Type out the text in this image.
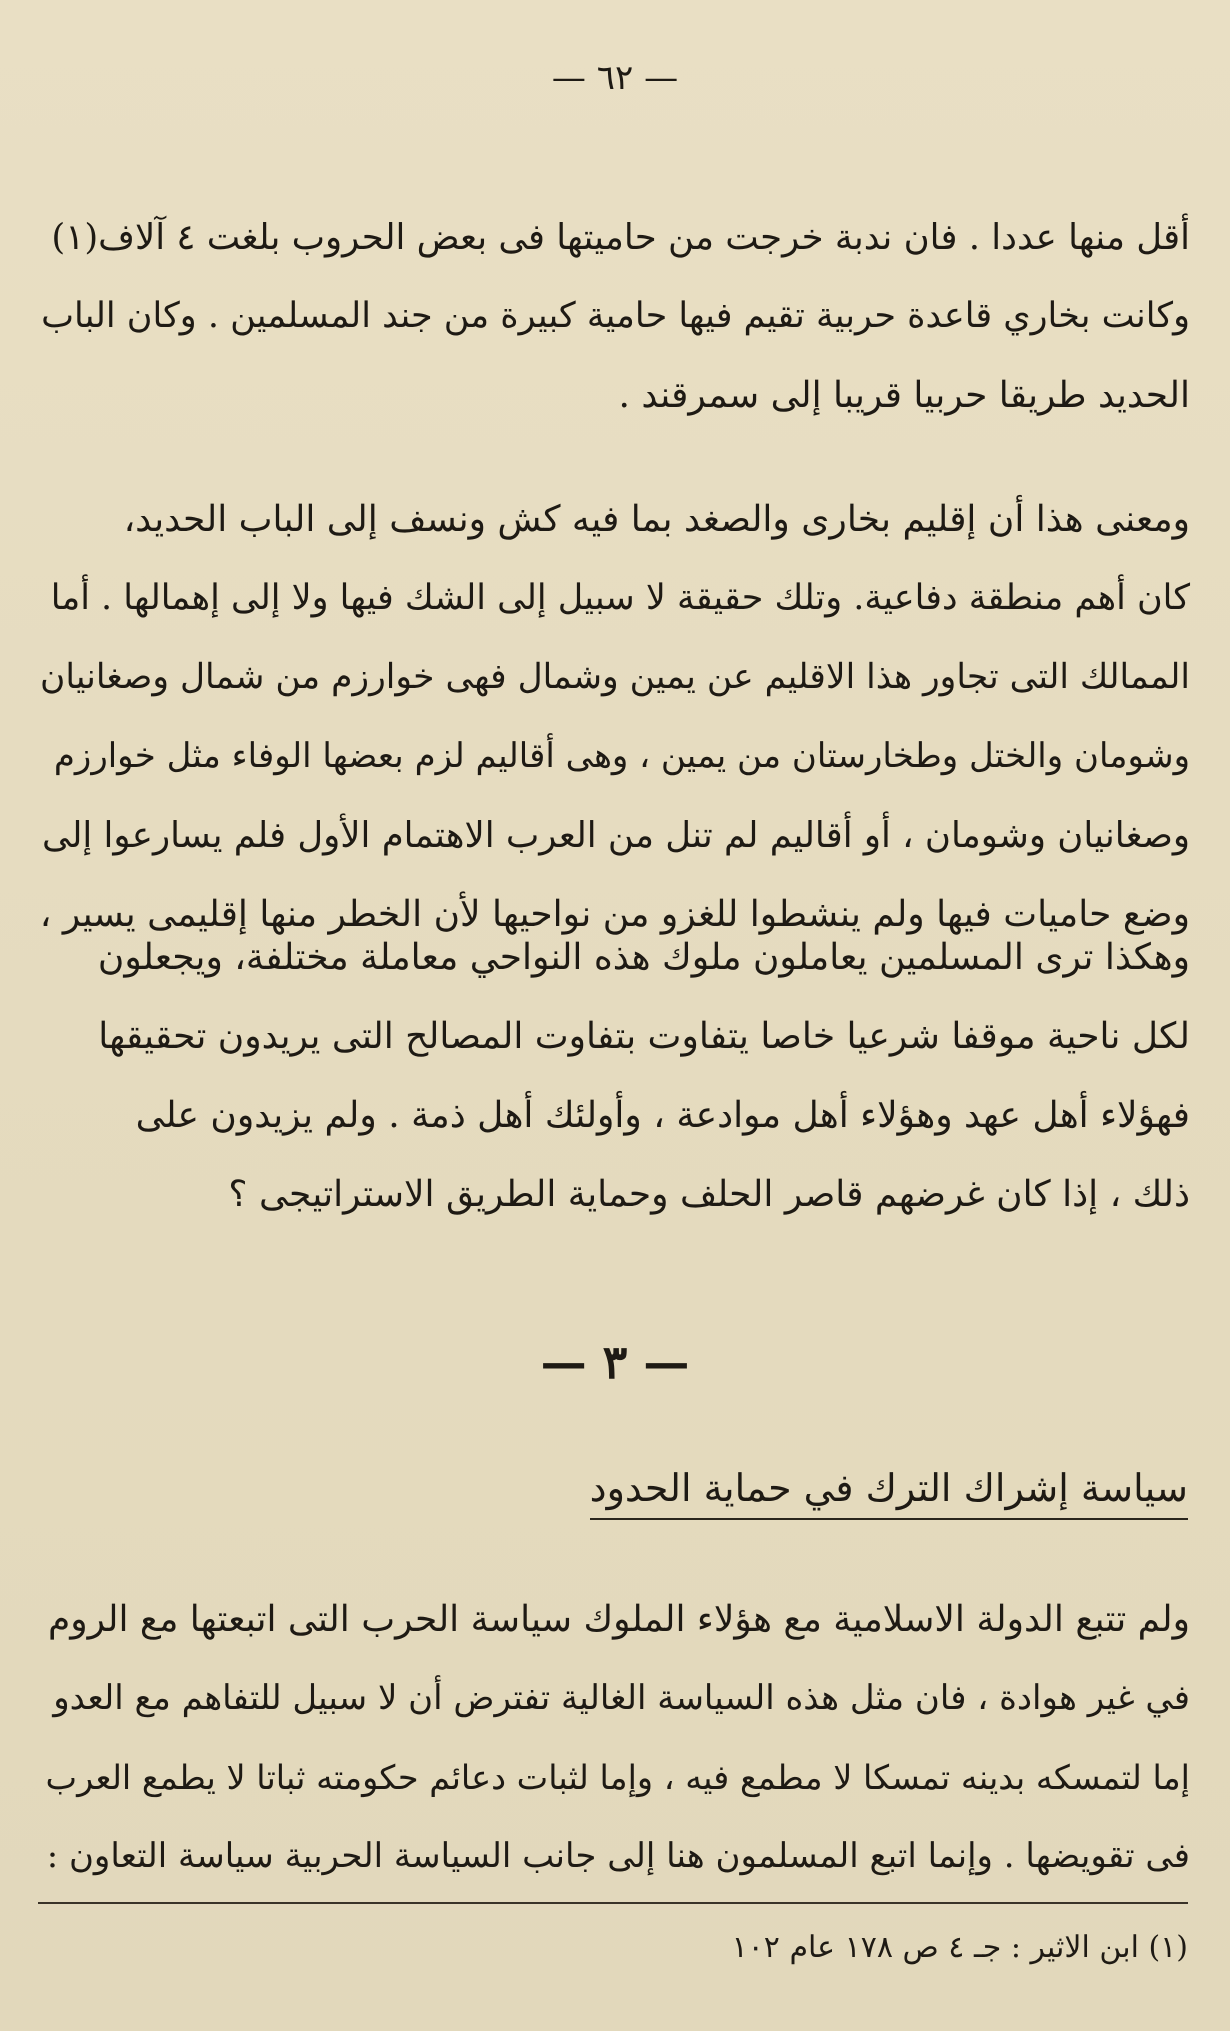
— ٦٢ —
أقل منها عددا . فان ندبة خرجت من حاميتها فى بعض الحروب بلغت ٤ آلاف(١)
وكانت بخاري قاعدة حربية تقيم فيها حامية كبيرة من جند المسلمين . وكان الباب
الحديد طريقا حربيا قريبا إلى سمرقند .
ومعنى هذا أن إقليم بخارى والصغد بما فيه كش ونسف إلى الباب الحديد،
كان أهم منطقة دفاعية. وتلك حقيقة لا سبيل إلى الشك فيها ولا إلى إهمالها . أما
الممالك التى تجاور هذا الاقليم عن يمين وشمال فهى خوارزم من شمال وصغانيان
وشومان والختل وطخارستان من يمين ، وهى أقاليم لزم بعضها الوفاء مثل خوارزم
وصغانيان وشومان ، أو أقاليم لم تنل من العرب الاهتمام الأول فلم يسارعوا إلى
وضع حاميات فيها ولم ينشطوا للغزو من نواحيها لأن الخطر منها إقليمى يسير ،
وهكذا ترى المسلمين يعاملون ملوك هذه النواحي معاملة مختلفة، ويجعلون
لكل ناحية موقفا شرعيا خاصا يتفاوت بتفاوت المصالح التى يريدون تحقيقها
فهؤلاء أهل عهد وهؤلاء أهل موادعة ، وأولئك أهل ذمة . ولم يزيدون على
ذلك ، إذا كان غرضهم قاصر الحلف وحماية الطريق الاستراتيجى ؟
— ٣ —
سياسة إشراك الترك في حماية الحدود
ولم تتبع الدولة الاسلامية مع هؤلاء الملوك سياسة الحرب التى اتبعتها مع الروم
في غير هوادة ، فان مثل هذه السياسة الغالية تفترض أن لا سبيل للتفاهم مع العدو
إما لتمسكه بدينه تمسكا لا مطمع فيه ، وإما لثبات دعائم حكومته ثباتا لا يطمع العرب
فى تقويضها . وإنما اتبع المسلمون هنا إلى جانب السياسة الحربية سياسة التعاون :
(١) ابن الاثير : جـ ٤ ص ١٧٨ عام ١٠٢
